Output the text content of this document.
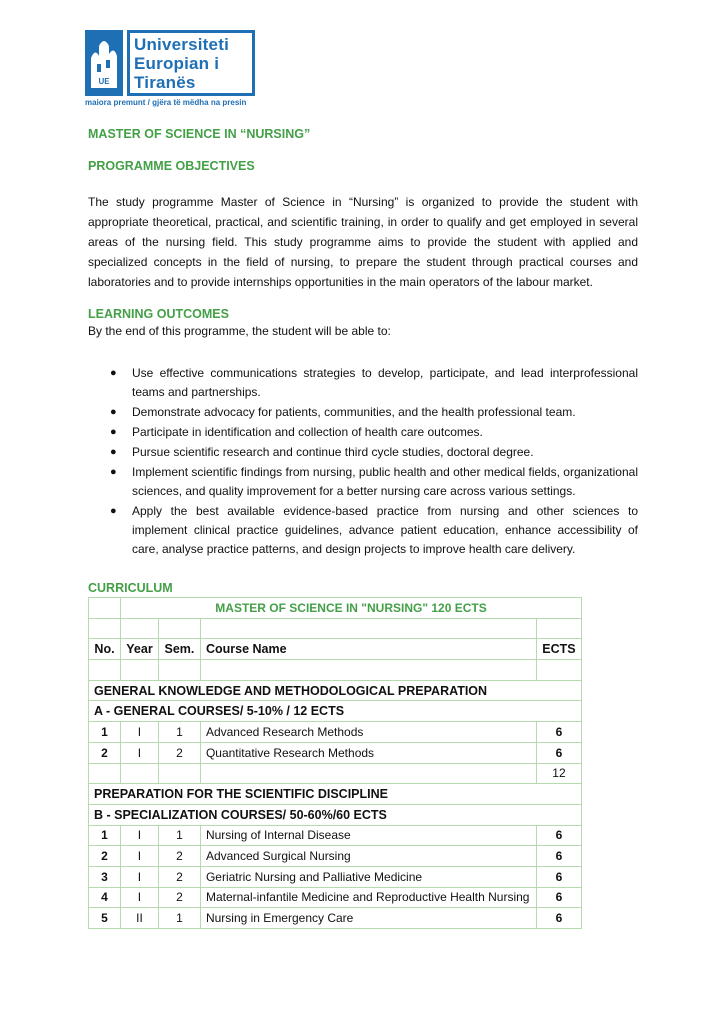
UE
Universiteti
Europian i
Tiranës
maiora premunt / gjëra të mëdha na presin
MASTER OF SCIENCE IN “NURSING”
PROGRAMME OBJECTIVES
The study programme Master of Science in “Nursing” is organized to provide the student with appropriate theoretical, practical, and scientific training, in order to qualify and get employed in several areas of the nursing field. This study programme aims to provide the student with applied and specialized concepts in the field of nursing, to prepare the student through practical courses and laboratories and to provide internships opportunities in the main operators of the labour market.
LEARNING OUTCOMES
By the end of this programme, the student will be able to:
● Use effective communications strategies to develop, participate, and lead interprofessional teams and partnerships.
● Demonstrate advocacy for patients, communities, and the health professional team.
● Participate in identification and collection of health care outcomes.
● Pursue scientific research and continue third cycle studies, doctoral degree.
● Implement scientific findings from nursing, public health and other medical fields, organizational sciences, and quality improvement for a better nursing care across various settings.
● Apply the best available evidence-based practice from nursing and other sciences to implement clinical practice guidelines, advance patient education, enhance accessibility of care, analyse practice patterns, and design projects to improve health care delivery.
CURRICULUM
	MASTER OF SCIENCE IN "NURSING" 120 ECTS			

No.	Year	Sem.	Course Name	ECTS

GENERAL KNOWLEDGE AND METHODOLOGICAL PREPARATION				
A - GENERAL COURSES/ 5-10% / 12 ECTS				
1	I	1	Advanced Research Methods	6
2	I	2	Quantitative Research Methods	6
				12
PREPARATION FOR THE SCIENTIFIC DISCIPLINE				
B - SPECIALIZATION COURSES/ 50-60%/60 ECTS				
1	I	1	Nursing of Internal Disease	6
2	I	2	Advanced Surgical Nursing	6
3	I	2	Geriatric Nursing and Palliative Medicine	6
4	I	2	Maternal-infantile Medicine and Reproductive Health Nursing	6
5	II	1	Nursing in Emergency Care	6
